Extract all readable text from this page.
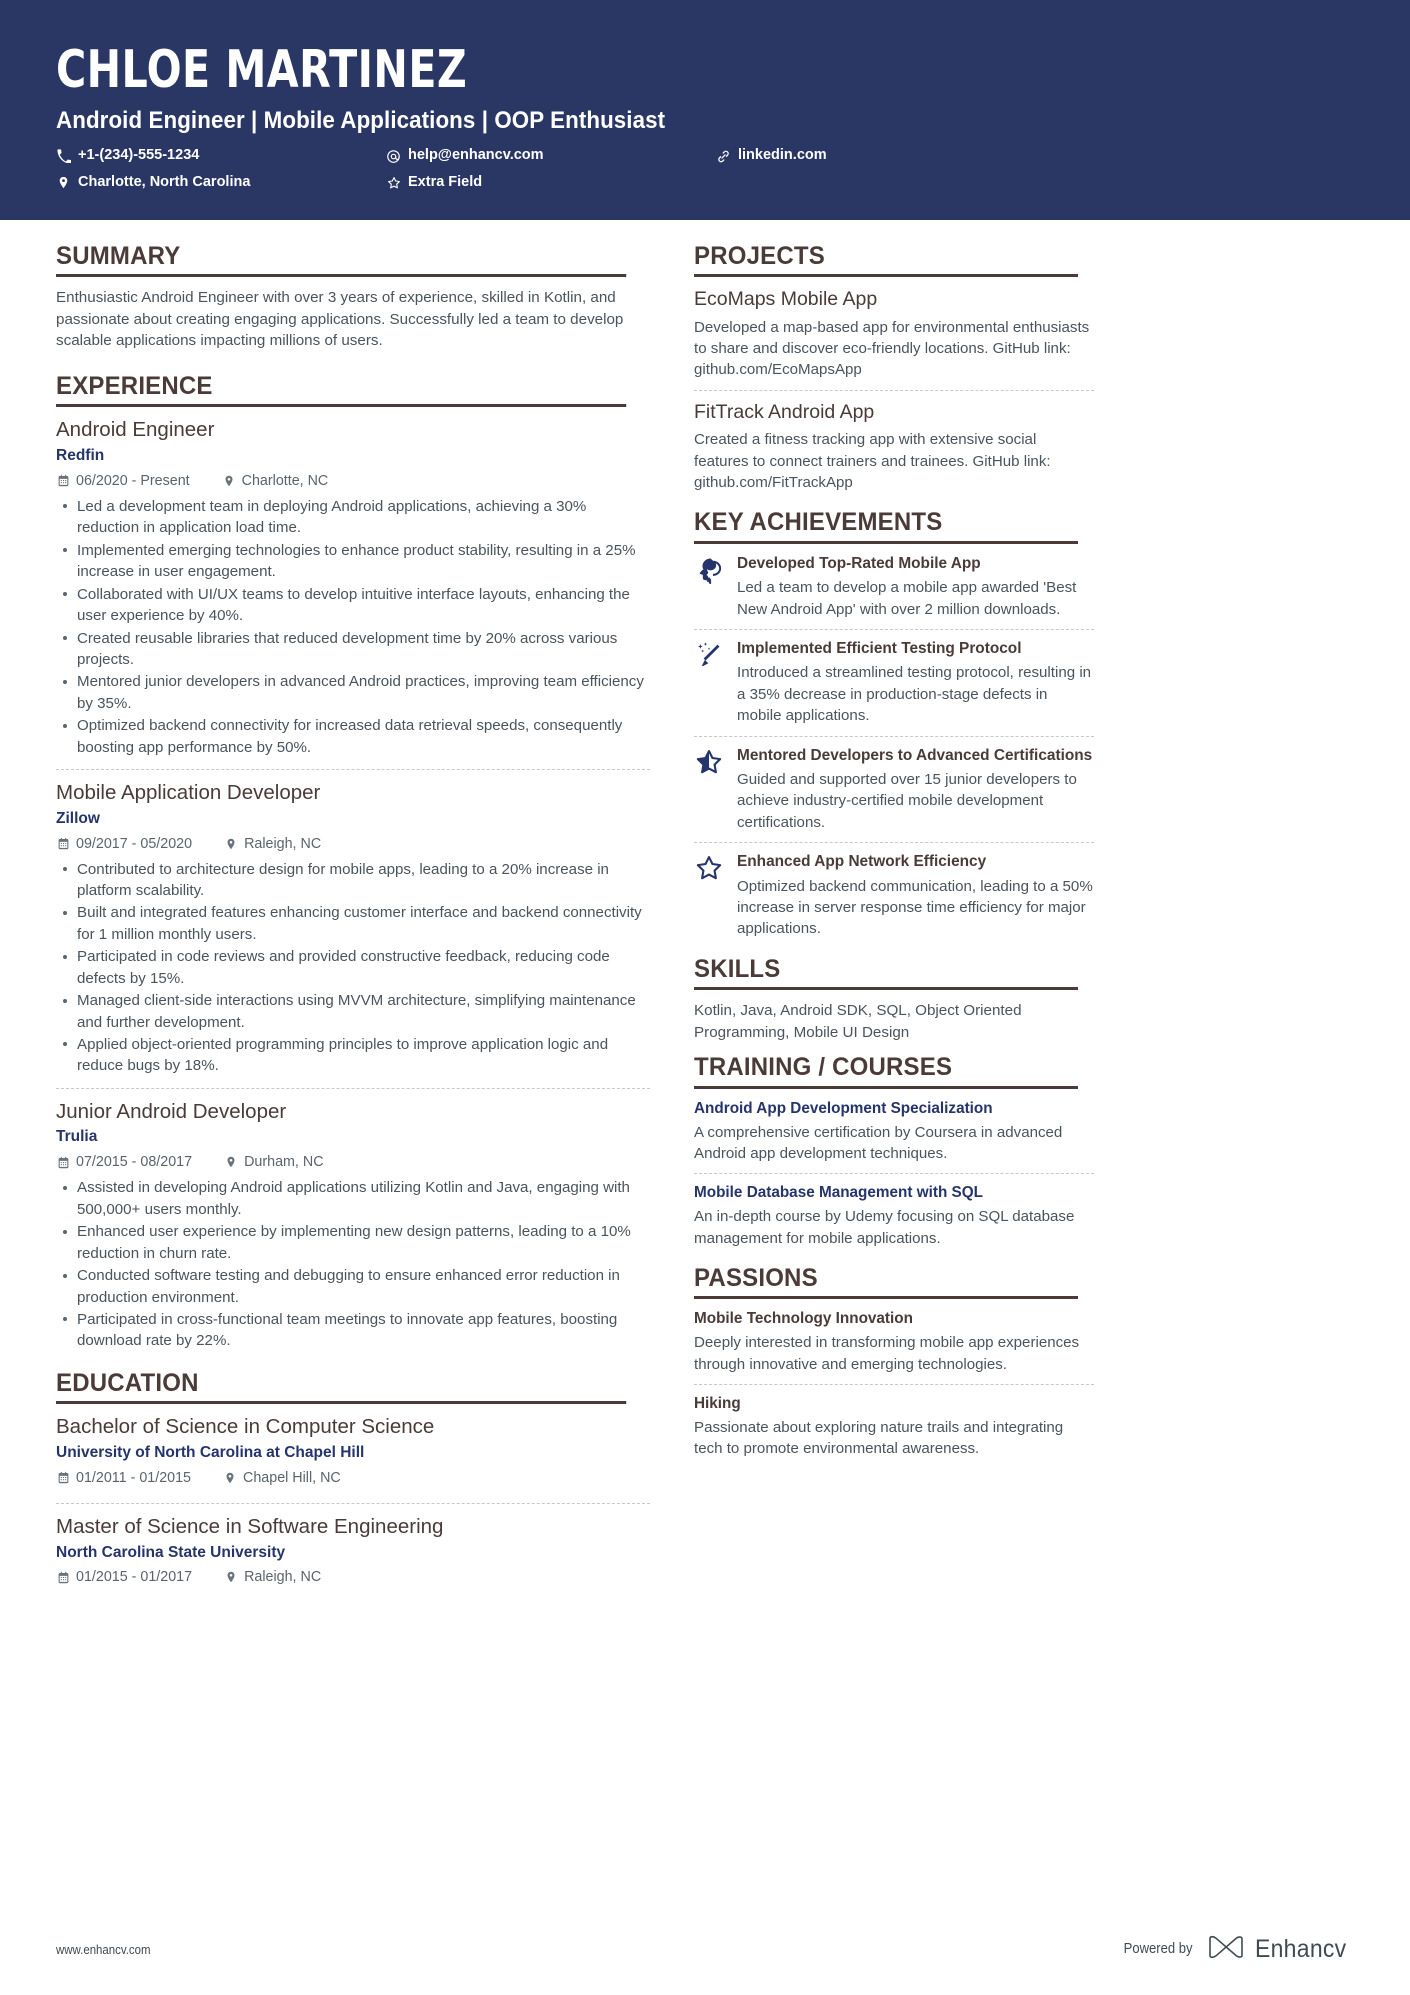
CHLOE MARTINEZ
Android Engineer | Mobile Applications | OOP Enthusiast
+1-(234)-555-1234	help@enhancv.com	linkedin.com
Charlotte, North Carolina	Extra Field
SUMMARY
Enthusiastic Android Engineer with over 3 years of experience, skilled in Kotlin, and passionate about creating engaging applications. Successfully led a team to develop scalable applications impacting millions of users.
EXPERIENCE
Android Engineer
Redfin
06/2020 - Present	Charlotte, NC
Led a development team in deploying Android applications, achieving a 30% reduction in application load time.
Implemented emerging technologies to enhance product stability, resulting in a 25% increase in user engagement.
Collaborated with UI/UX teams to develop intuitive interface layouts, enhancing the user experience by 40%.
Created reusable libraries that reduced development time by 20% across various projects.
Mentored junior developers in advanced Android practices, improving team efficiency by 35%.
Optimized backend connectivity for increased data retrieval speeds, consequently boosting app performance by 50%.
Mobile Application Developer
Zillow
09/2017 - 05/2020	Raleigh, NC
Contributed to architecture design for mobile apps, leading to a 20% increase in platform scalability.
Built and integrated features enhancing customer interface and backend connectivity for 1 million monthly users.
Participated in code reviews and provided constructive feedback, reducing code defects by 15%.
Managed client-side interactions using MVVM architecture, simplifying maintenance and further development.
Applied object-oriented programming principles to improve application logic and reduce bugs by 18%.
Junior Android Developer
Trulia
07/2015 - 08/2017	Durham, NC
Assisted in developing Android applications utilizing Kotlin and Java, engaging with 500,000+ users monthly.
Enhanced user experience by implementing new design patterns, leading to a 10% reduction in churn rate.
Conducted software testing and debugging to ensure enhanced error reduction in production environment.
Participated in cross-functional team meetings to innovate app features, boosting download rate by 22%.
EDUCATION
Bachelor of Science in Computer Science
University of North Carolina at Chapel Hill
01/2011 - 01/2015	Chapel Hill, NC
Master of Science in Software Engineering
North Carolina State University
01/2015 - 01/2017	Raleigh, NC
PROJECTS
EcoMaps Mobile App
Developed a map-based app for environmental enthusiasts to share and discover eco-friendly locations. GitHub link: github.com/EcoMapsApp
FitTrack Android App
Created a fitness tracking app with extensive social features to connect trainers and trainees. GitHub link: github.com/FitTrackApp
KEY ACHIEVEMENTS
Developed Top-Rated Mobile App
Led a team to develop a mobile app awarded 'Best New Android App' with over 2 million downloads.
Implemented Efficient Testing Protocol
Introduced a streamlined testing protocol, resulting in a 35% decrease in production-stage defects in mobile applications.
Mentored Developers to Advanced Certifications
Guided and supported over 15 junior developers to achieve industry-certified mobile development certifications.
Enhanced App Network Efficiency
Optimized backend communication, leading to a 50% increase in server response time efficiency for major applications.
SKILLS
Kotlin, Java, Android SDK, SQL, Object Oriented Programming, Mobile UI Design
TRAINING / COURSES
Android App Development Specialization
A comprehensive certification by Coursera in advanced Android app development techniques.
Mobile Database Management with SQL
An in-depth course by Udemy focusing on SQL database management for mobile applications.
PASSIONS
Mobile Technology Innovation
Deeply interested in transforming mobile app experiences through innovative and emerging technologies.
Hiking
Passionate about exploring nature trails and integrating tech to promote environmental awareness.
www.enhancv.com	Powered by Enhancv
